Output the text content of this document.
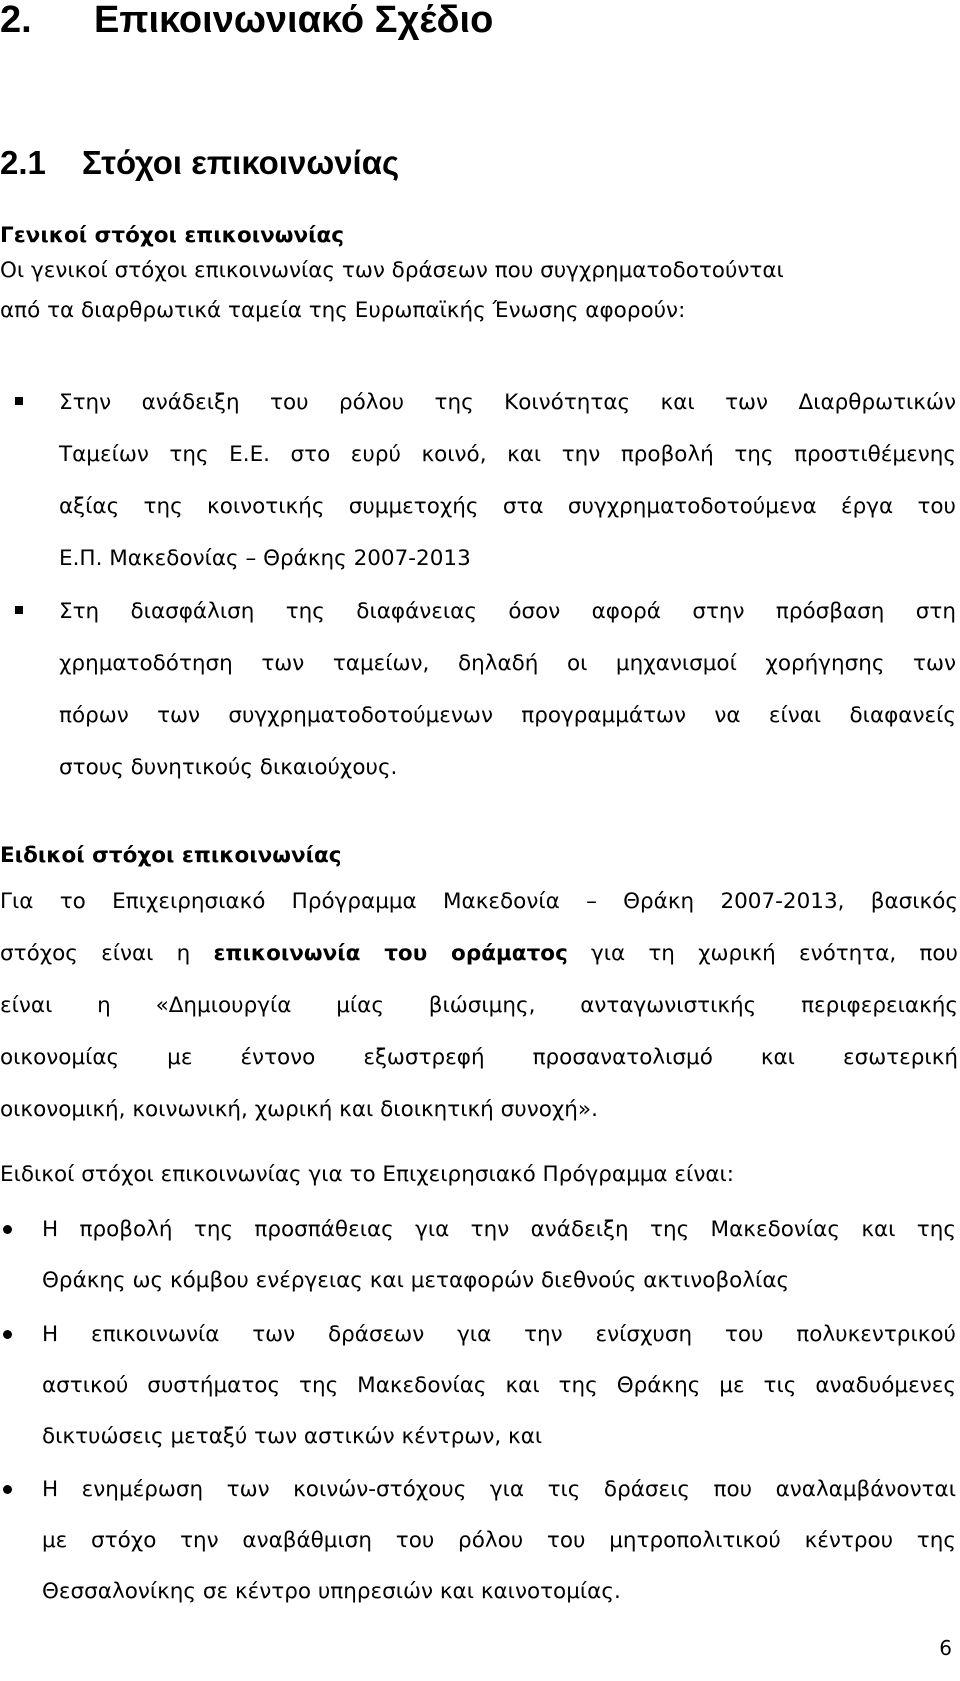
2. Επικοινωνιακό Σχέδιο
2.1 Στόχοι επικοινωνίας
Γενικοί στόχοι επικοινωνίας
Οι γενικοί στόχοι επικοινωνίας των δράσεων που συγχρηματοδοτούνται
από τα διαρθρωτικά ταμεία της Ευρωπαϊκής Ένωσης αφορούν:
Στην ανάδειξη του ρόλου της Κοινότητας και των Διαρθρωτικών
Ταμείων της Ε.Ε. στο ευρύ κοινό, και την προβολή της προστιθέμενης
αξίας της κοινοτικής συμμετοχής στα συγχρηματοδοτούμενα έργα του
Ε.Π. Μακεδονίας – Θράκης 2007-2013
Στη διασφάλιση της διαφάνειας όσον αφορά στην πρόσβαση στη
χρηματοδότηση των ταμείων, δηλαδή οι μηχανισμοί χορήγησης των
πόρων των συγχρηματοδοτούμενων προγραμμάτων να είναι διαφανείς
στους δυνητικούς δικαιούχους.
Ειδικοί στόχοι επικοινωνίας
Για το Επιχειρησιακό Πρόγραμμα Μακεδονία – Θράκη 2007-2013, βασικός
στόχος είναι η επικοινωνία του οράματος για τη χωρική ενότητα, που
είναι η «Δημιουργία μίας βιώσιμης, ανταγωνιστικής περιφερειακής
οικονομίας με έντονο εξωστρεφή προσανατολισμό και εσωτερική
οικονομική, κοινωνική, χωρική και διοικητική συνοχή».
Ειδικοί στόχοι επικοινωνίας για το Επιχειρησιακό Πρόγραμμα είναι:
Η προβολή της προσπάθειας για την ανάδειξη της Μακεδονίας και της
Θράκης ως κόμβου ενέργειας και μεταφορών διεθνούς ακτινοβολίας
Η επικοινωνία των δράσεων για την ενίσχυση του πολυκεντρικού
αστικού συστήματος της Μακεδονίας και της Θράκης με τις αναδυόμενες
δικτυώσεις μεταξύ των αστικών κέντρων, και
Η ενημέρωση των κοινών-στόχους για τις δράσεις που αναλαμβάνονται
με στόχο την αναβάθμιση του ρόλου του μητροπολιτικού κέντρου της
Θεσσαλονίκης σε κέντρο υπηρεσιών και καινοτομίας.
6
